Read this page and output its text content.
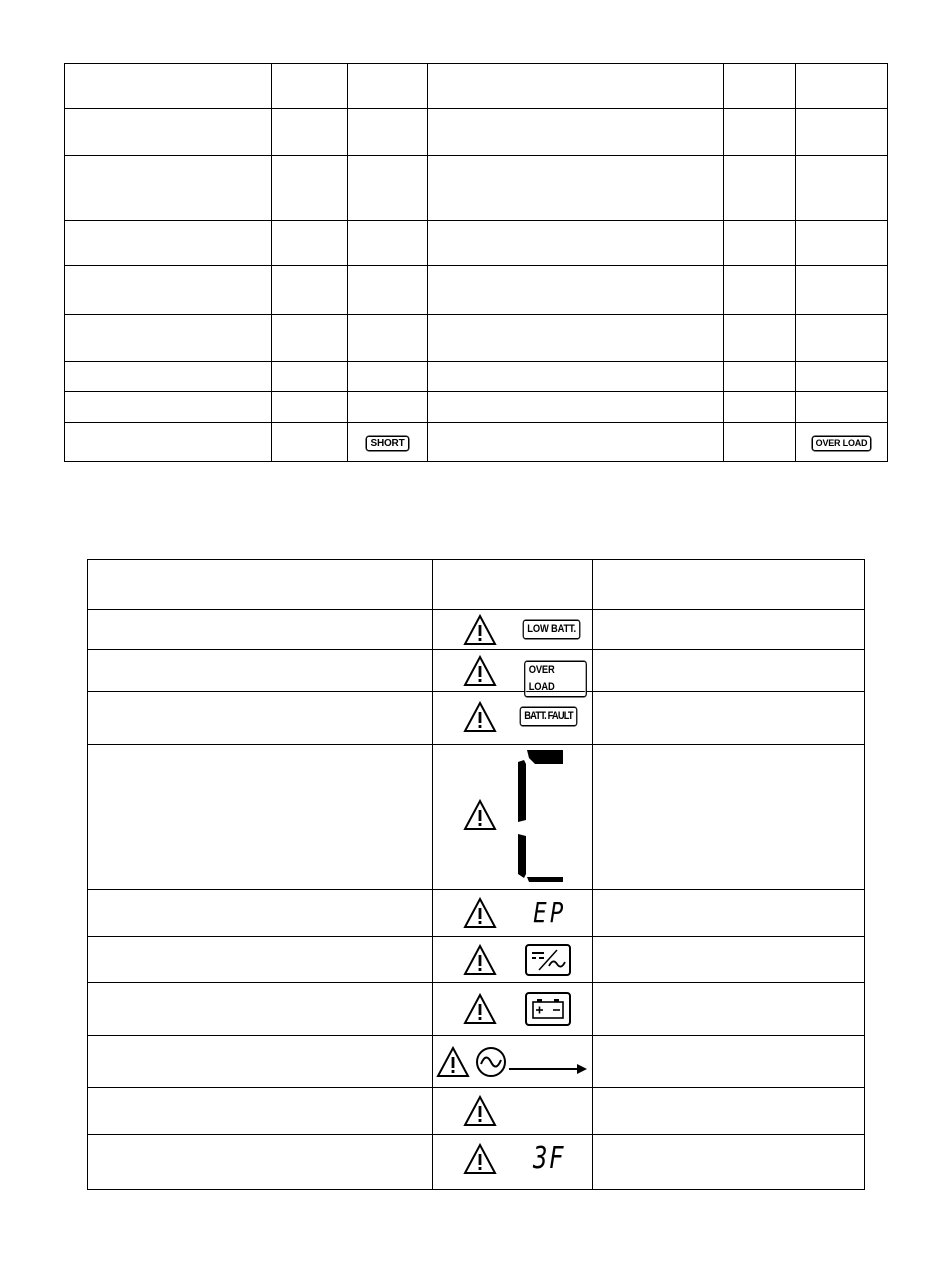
		SHORT			OVER LOAD

	LOW BATT.	

	OVER LOAD	

	BATT. FAULT	

	EP	

	3F	
